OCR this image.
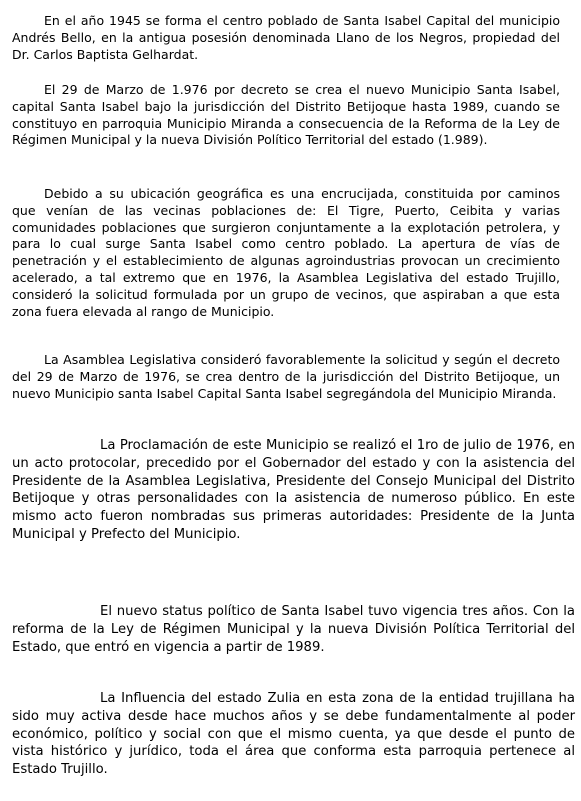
En el año 1945 se forma el centro poblado de Santa Isabel Capital del municipio Andrés Bello, en la antigua posesión denominada Llano de los Negros, propiedad del Dr. Carlos Baptista Gelhardat.

El 29 de Marzo de 1.976 por decreto se crea el nuevo Municipio Santa Isabel, capital Santa Isabel bajo la jurisdicción del Distrito Betijoque hasta 1989, cuando se constituyo en parroquia Municipio Miranda a consecuencia de la Reforma de la Ley de Régimen Municipal y la nueva División Político Territorial del estado (1.989).

Debido a su ubicación geográfica es una encrucijada, constituida por caminos que venían de las vecinas poblaciones de: El Tigre, Puerto, Ceibita y varias comunidades poblaciones que surgieron conjuntamente a la explotación petrolera, y para lo cual surge Santa Isabel como centro poblado. La apertura de vías de penetración y el establecimiento de algunas agroindustrias provocan un crecimiento acelerado, a tal extremo que en 1976, la Asamblea Legislativa del estado Trujillo, consideró la solicitud formulada por un grupo de vecinos, que aspiraban a que esta zona fuera elevada al rango de Municipio.

La Asamblea Legislativa consideró favorablemente la solicitud y según el decreto del 29 de Marzo de 1976, se crea dentro de la jurisdicción del Distrito Betijoque, un nuevo Municipio santa Isabel Capital Santa Isabel segregándola del Municipio Miranda.

La Proclamación de este Municipio se realizó el 1ro de julio de 1976, en un acto protocolar, precedido por el Gobernador del estado y con la asistencia del Presidente de la Asamblea Legislativa, Presidente del Consejo Municipal del Distrito Betijoque y otras personalidades con la asistencia de numeroso público. En este mismo acto fueron nombradas sus primeras autoridades: Presidente de la Junta Municipal y Prefecto del Municipio.

El nuevo status político de Santa Isabel tuvo vigencia tres años. Con la reforma de la Ley de Régimen Municipal y la nueva División Política Territorial del Estado, que entró en vigencia a partir de 1989.

La Influencia del estado Zulia en esta zona de la entidad trujillana ha sido muy activa desde hace muchos años y se debe fundamentalmente al poder económico, político y social con que el mismo cuenta, ya que desde el punto de vista histórico y jurídico, toda el área que conforma esta parroquia pertenece al Estado Trujillo.
